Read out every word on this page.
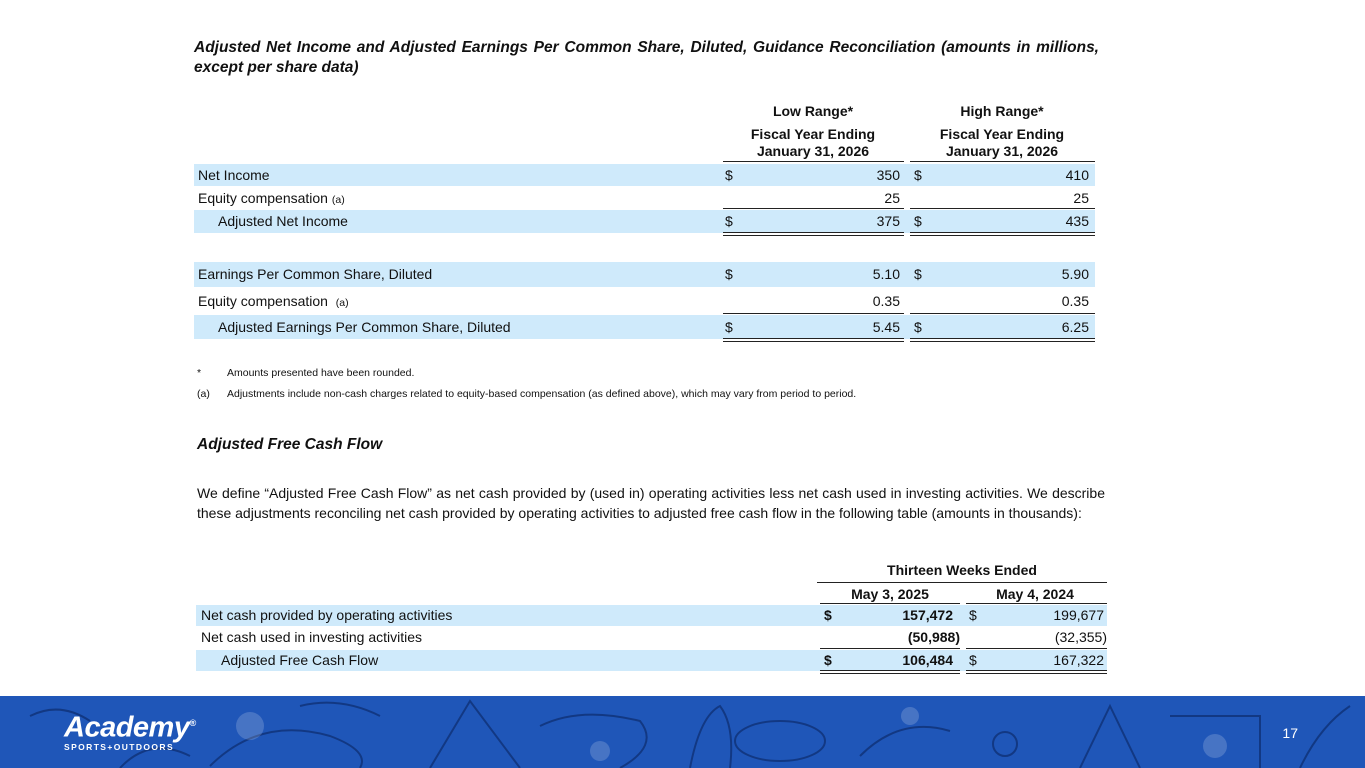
Adjusted Net Income and Adjusted Earnings Per Common Share, Diluted, Guidance Reconciliation (amounts in millions, except per share data)
Low Range*
Fiscal Year Ending
January 31, 2026
High Range*
Fiscal Year Ending
January 31, 2026
Net Income	$	350 $	410
Equity compensation (a)	25	25
Adjusted Net Income	$	375 $	435
Earnings Per Common Share, Diluted	$	5.10 $	5.90
Equity compensation (a)	0.35	0.35
Adjusted Earnings Per Common Share, Diluted	$	5.45 $	6.25
* Amounts presented have been rounded.
(a) Adjustments include non-cash charges related to equity-based compensation (as defined above), which may vary from period to period.
Adjusted Free Cash Flow
We define “Adjusted Free Cash Flow” as net cash provided by (used in) operating activities less net cash used in investing activities. We describe these adjustments reconciling net cash provided by operating activities to adjusted free cash flow in the following table (amounts in thousands):
Thirteen Weeks Ended
May 3, 2025	May 4, 2024
Net cash provided by operating activities	$	157,472 $	199,677
Net cash used in investing activities	(50,988)	(32,355)
Adjusted Free Cash Flow	$	106,484 $	167,322
Academy®
SPORTS+OUTDOORS
17
